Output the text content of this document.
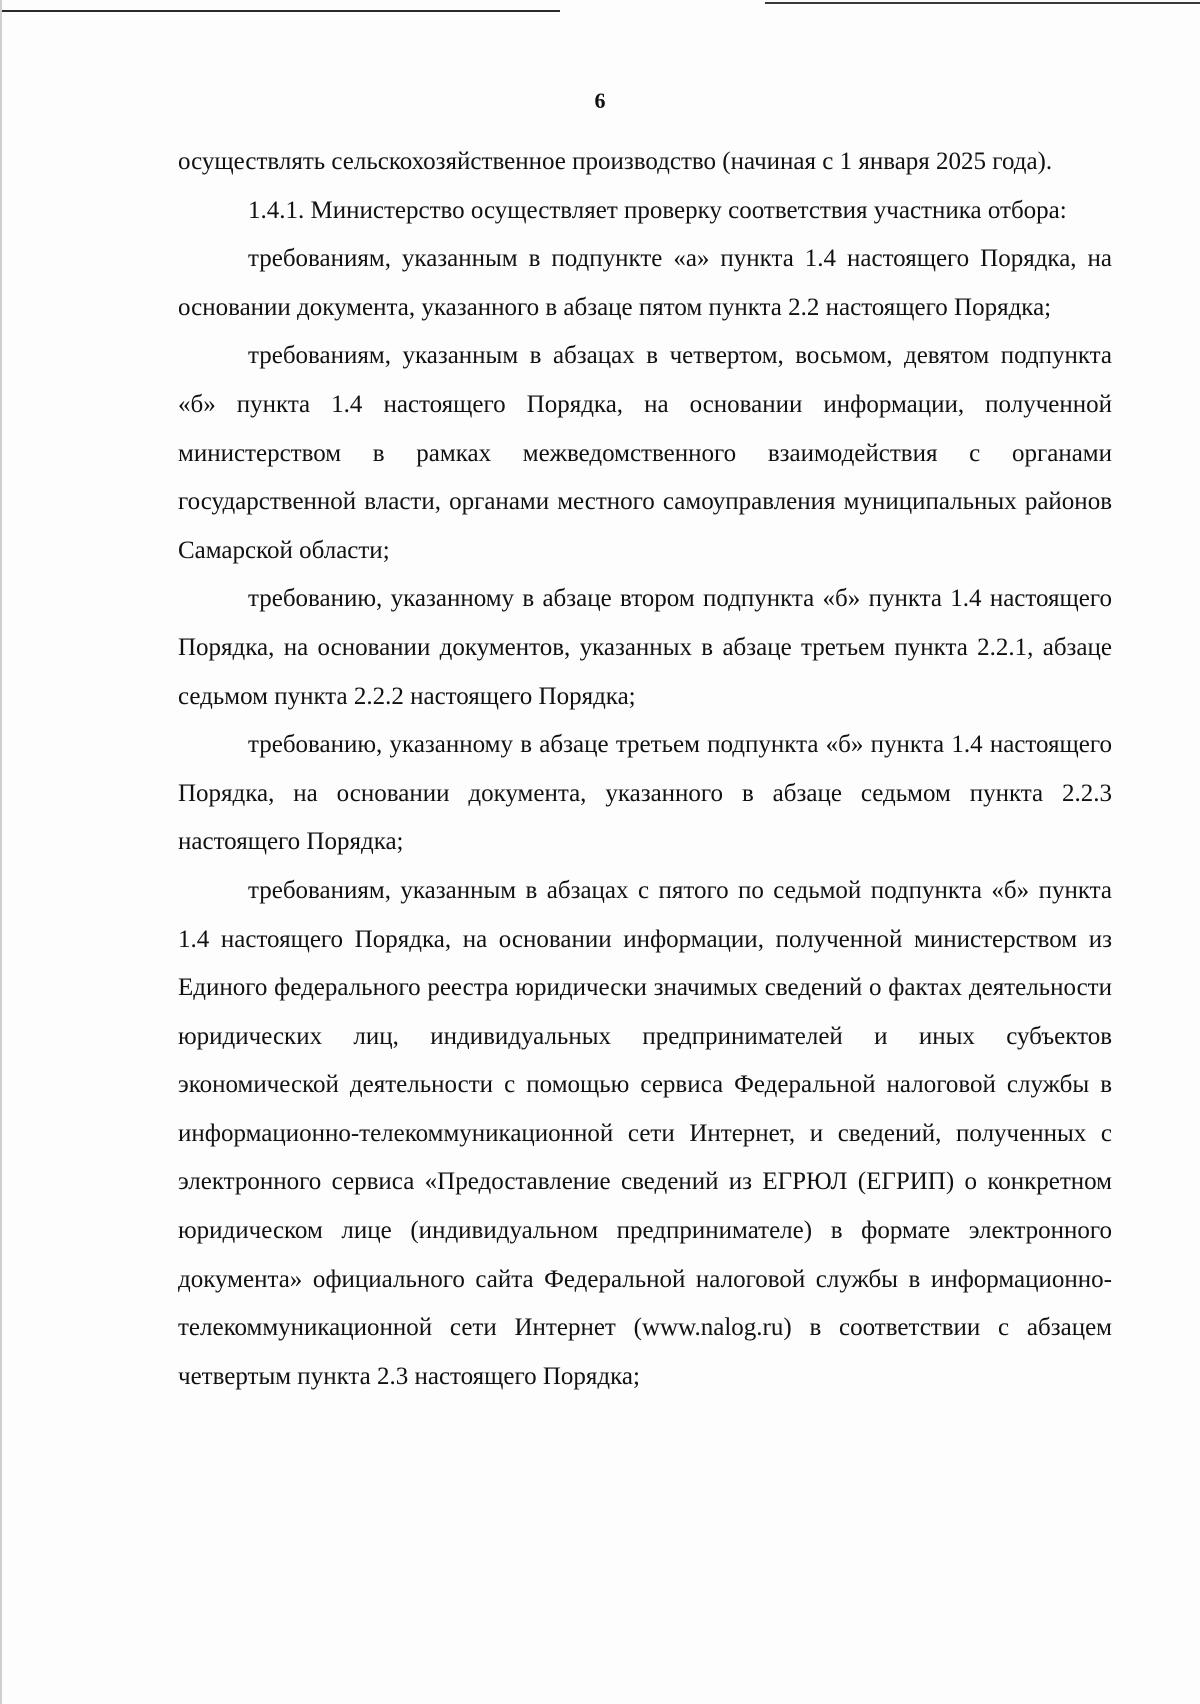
6

осуществлять сельскохозяйственное производство (начиная с 1 января 2025 года).

1.4.1. Министерство осуществляет проверку соответствия участника отбора:

требованиям, указанным в подпункте «а» пункта 1.4 настоящего Порядка, на основании документа, указанного в абзаце пятом пункта 2.2 настоящего Порядка;

требованиям, указанным в абзацах в четвертом, восьмом, девятом подпункта «б» пункта 1.4 настоящего Порядка, на основании информации, полученной министерством в рамках межведомственного взаимодействия с органами государственной власти, органами местного самоуправления муниципальных районов Самарской области;

требованию, указанному в абзаце втором подпункта «б» пункта 1.4 настоящего Порядка, на основании документов, указанных в абзаце третьем пункта 2.2.1, абзаце седьмом пункта 2.2.2 настоящего Порядка;

требованию, указанному в абзаце третьем подпункта «б» пункта 1.4 настоящего Порядка, на основании документа, указанного в абзаце седьмом пункта 2.2.3 настоящего Порядка;

требованиям, указанным в абзацах с пятого по седьмой подпункта «б» пункта 1.4 настоящего Порядка, на основании информации, полученной министерством из Единого федерального реестра юридически значимых сведений о фактах деятельности юридических лиц, индивидуальных предпринимателей и иных субъектов экономической деятельности с помощью сервиса Федеральной налоговой службы в информационно-телекоммуникационной сети Интернет, и сведений, полученных с электронного сервиса «Предоставление сведений из ЕГРЮЛ (ЕГРИП) о конкретном юридическом лице (индивидуальном предпринимателе) в формате электронного документа» официального сайта Федеральной налоговой службы в информационно-телекоммуникационной сети Интернет (www.nalog.ru) в соответствии с абзацем четвертым пункта 2.3 настоящего Порядка;
